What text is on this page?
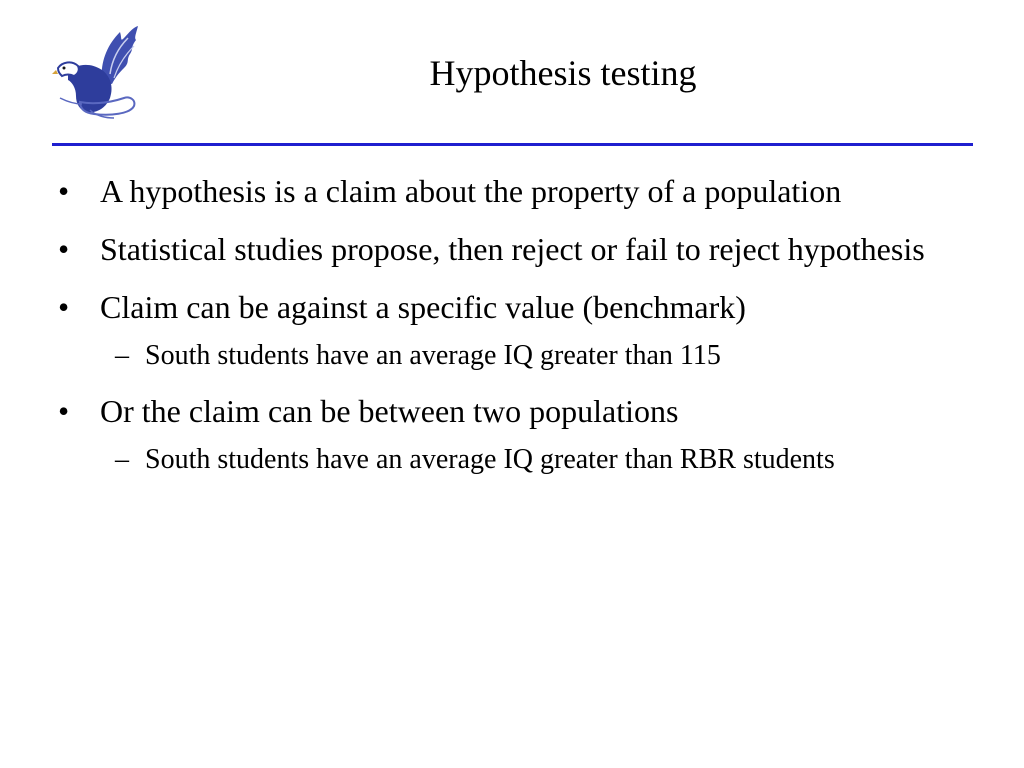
Hypothesis testing
• A hypothesis is a claim about the property of a population
• Statistical studies propose, then reject or fail to reject hypothesis
• Claim can be against a specific value (benchmark)
– South students have an average IQ greater than 115
• Or the claim can be between two populations
– South students have an average IQ greater than RBR students
